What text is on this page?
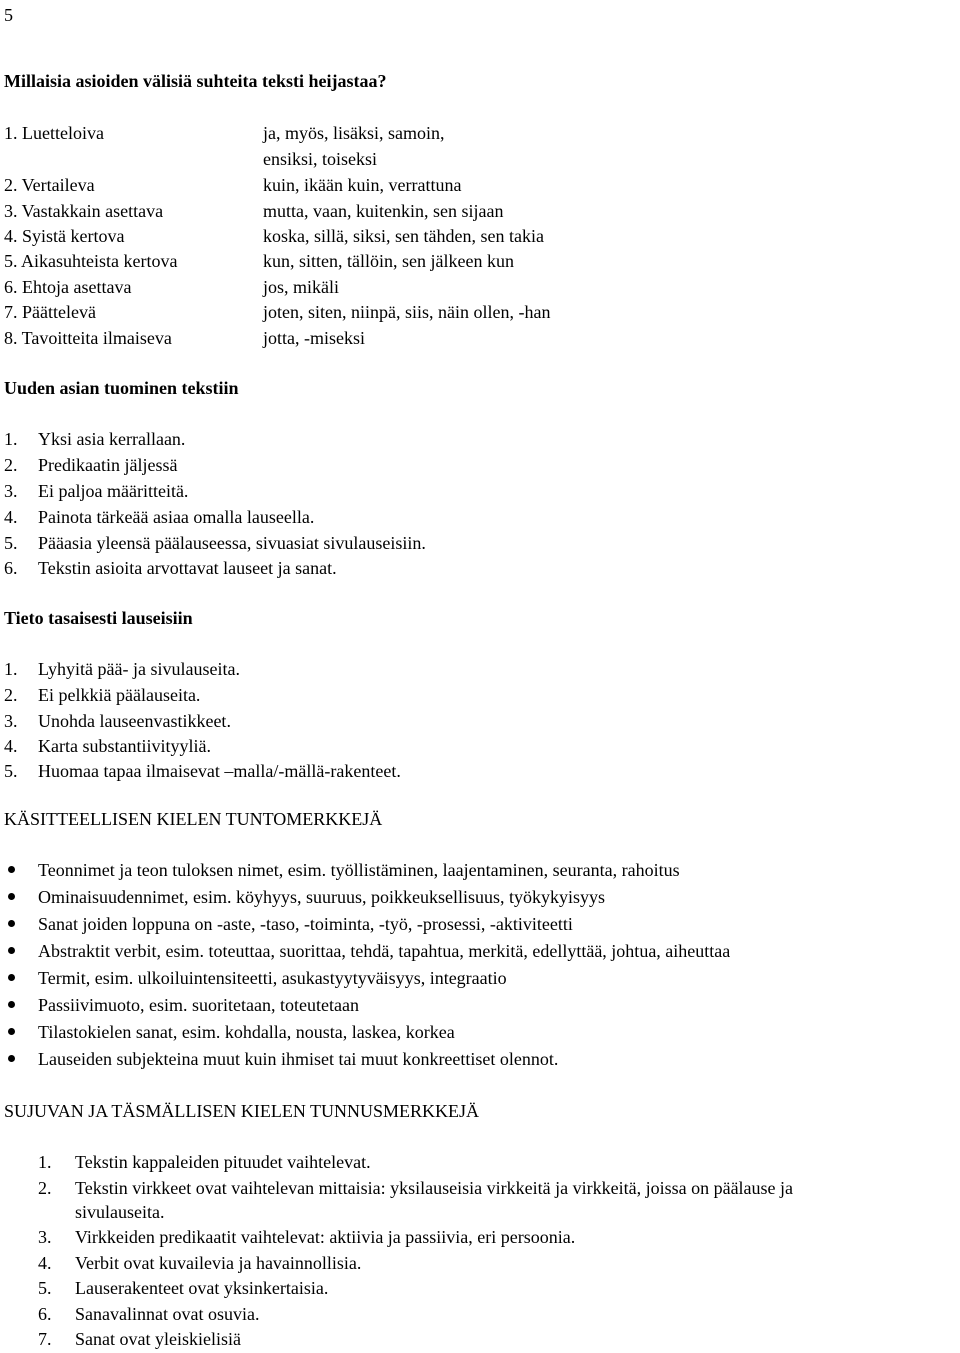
5
Millaisia asioiden välisiä suhteita teksti heijastaa?
1. Luetteloiva	ja, myös, lisäksi, samoin,
ensiksi, toiseksi
2. Vertaileva	kuin, ikään kuin, verrattuna
3. Vastakkain asettava	mutta, vaan, kuitenkin, sen sijaan
4. Syistä kertova	koska, sillä, siksi, sen tähden, sen takia
5. Aikasuhteista kertova	kun, sitten, tällöin, sen jälkeen kun
6. Ehtoja asettava	jos, mikäli
7. Päättelevä	joten, siten, niinpä, siis, näin ollen, -han
8. Tavoitteita ilmaiseva	jotta, -miseksi
Uuden asian tuominen tekstiin
1. Yksi asia kerrallaan.
2. Predikaatin jäljessä
3. Ei paljoa määritteitä.
4. Painota tärkeää asiaa omalla lauseella.
5. Pääasia yleensä päälauseessa, sivuasiat sivulauseisiin.
6. Tekstin asioita arvottavat lauseet ja sanat.
Tieto tasaisesti lauseisiin
1. Lyhyitä pää- ja sivulauseita.
2. Ei pelkkiä päälauseita.
3. Unohda lauseenvastikkeet.
4. Karta substantiivityyliä.
5. Huomaa tapaa ilmaisevat –malla/-mällä-rakenteet.
KÄSITTEELLISEN KIELEN TUNTOMERKKEJÄ
Teonnimet ja teon tuloksen nimet, esim. työllistäminen, laajentaminen, seuranta, rahoitus
Ominaisuudennimet, esim. köyhyys, suuruus, poikkeuksellisuus, työkykyisyys
Sanat joiden loppuna on -aste, -taso, -toiminta, -työ, -prosessi, -aktiviteetti
Abstraktit verbit, esim. toteuttaa, suorittaa, tehdä, tapahtua, merkitä, edellyttää, johtua, aiheuttaa
Termit, esim. ulkoiluintensiteetti, asukastyytyväisyys, integraatio
Passiivimuoto, esim. suoritetaan, toteutetaan
Tilastokielen sanat, esim. kohdalla, nousta, laskea, korkea
Lauseiden subjekteina muut kuin ihmiset tai muut konkreettiset olennot.
SUJUVAN JA TÄSMÄLLISEN KIELEN TUNNUSMERKKEJÄ
1. Tekstin kappaleiden pituudet vaihtelevat.
2. Tekstin virkkeet ovat vaihtelevan mittaisia: yksilauseisia virkkeitä ja virkkeitä, joissa on päälause ja
sivulauseita.
3. Virkkeiden predikaatit vaihtelevat: aktiivia ja passiivia, eri persoonia.
4. Verbit ovat kuvailevia ja havainnollisia.
5. Lauserakenteet ovat yksinkertaisia.
6. Sanavalinnat ovat osuvia.
7. Sanat ovat yleiskielisiä
